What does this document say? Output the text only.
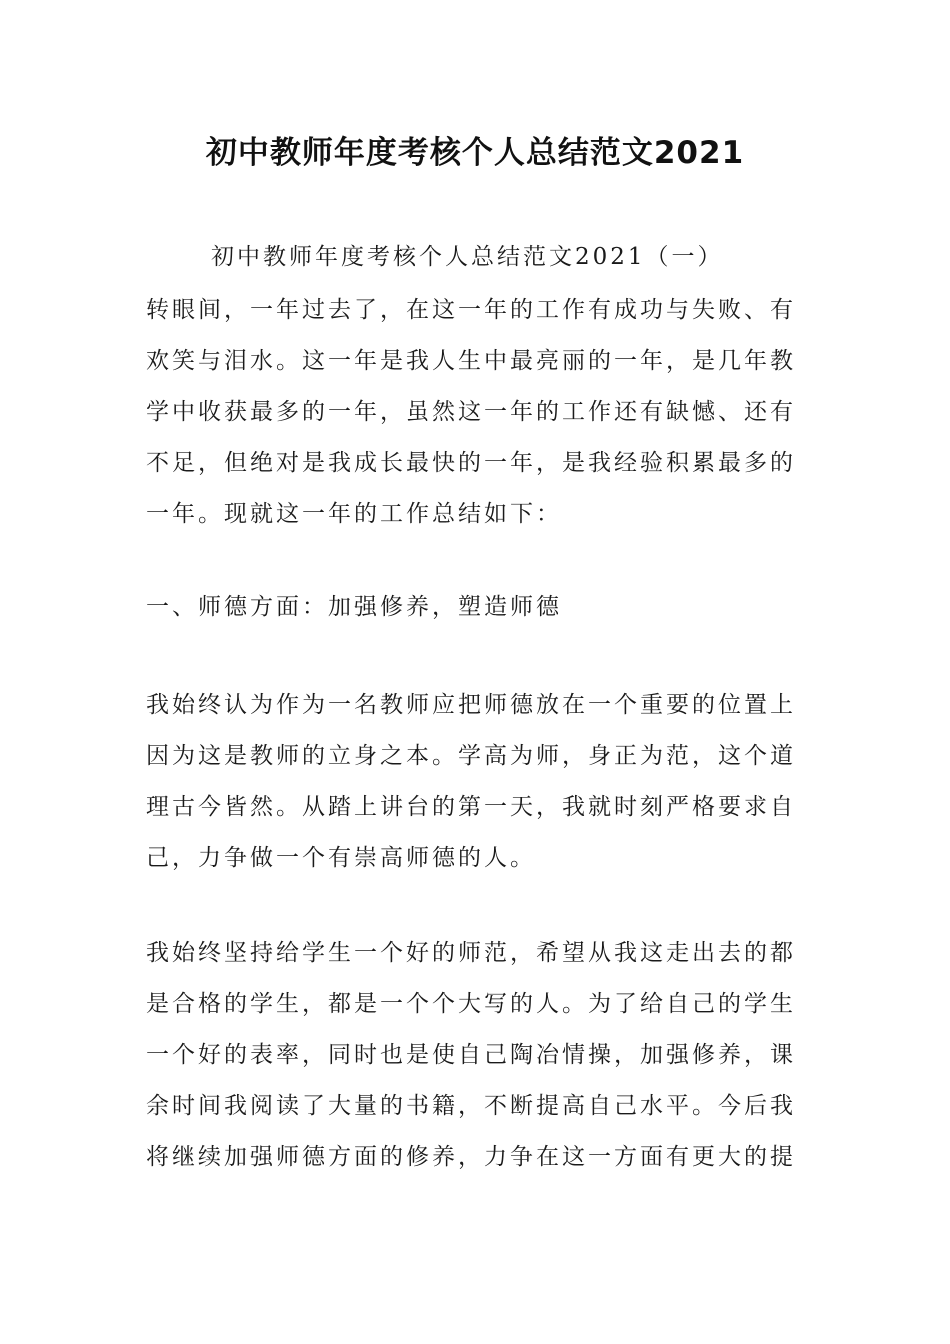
初中教师年度考核个人总结范文2021

初中教师年度考核个人总结范文2021（一）

转眼间，一年过去了，在这一年的工作有成功与失败、有
欢笑与泪水。这一年是我人生中最亮丽的一年，是几年教
学中收获最多的一年，虽然这一年的工作还有缺憾、还有
不足，但绝对是我成长最快的一年，是我经验积累最多的
一年。现就这一年的工作总结如下：

一、师德方面：加强修养，塑造师德

我始终认为作为一名教师应把师德放在一个重要的位置上
因为这是教师的立身之本。学高为师，身正为范，这个道
理古今皆然。从踏上讲台的第一天，我就时刻严格要求自
己，力争做一个有崇高师德的人。

我始终坚持给学生一个好的师范，希望从我这走出去的都
是合格的学生，都是一个个大写的人。为了给自己的学生
一个好的表率，同时也是使自己陶冶情操，加强修养，课
余时间我阅读了大量的书籍，不断提高自己水平。今后我
将继续加强师德方面的修养，力争在这一方面有更大的提
